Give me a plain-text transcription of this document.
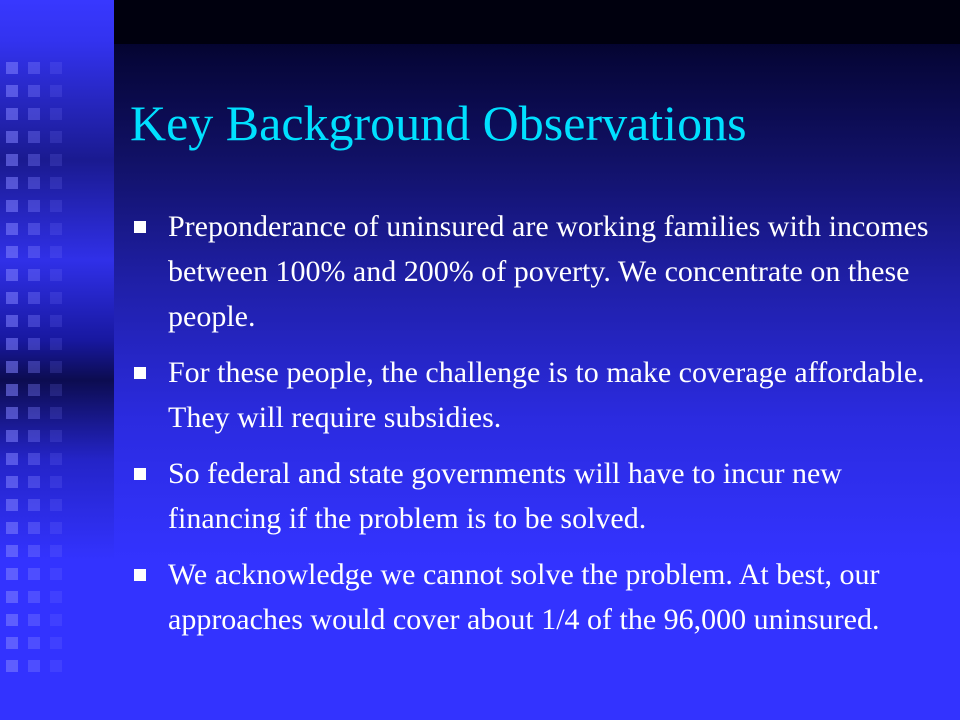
Key Background Observations
Preponderance of uninsured are working families with incomes between 100% and 200% of poverty. We concentrate on these people.
For these people, the challenge is to make coverage affordable. They will require subsidies.
So federal and state governments will have to incur new financing if the problem is to be solved.
We acknowledge we cannot solve the problem. At best, our approaches would cover about 1/4 of the 96,000 uninsured.
